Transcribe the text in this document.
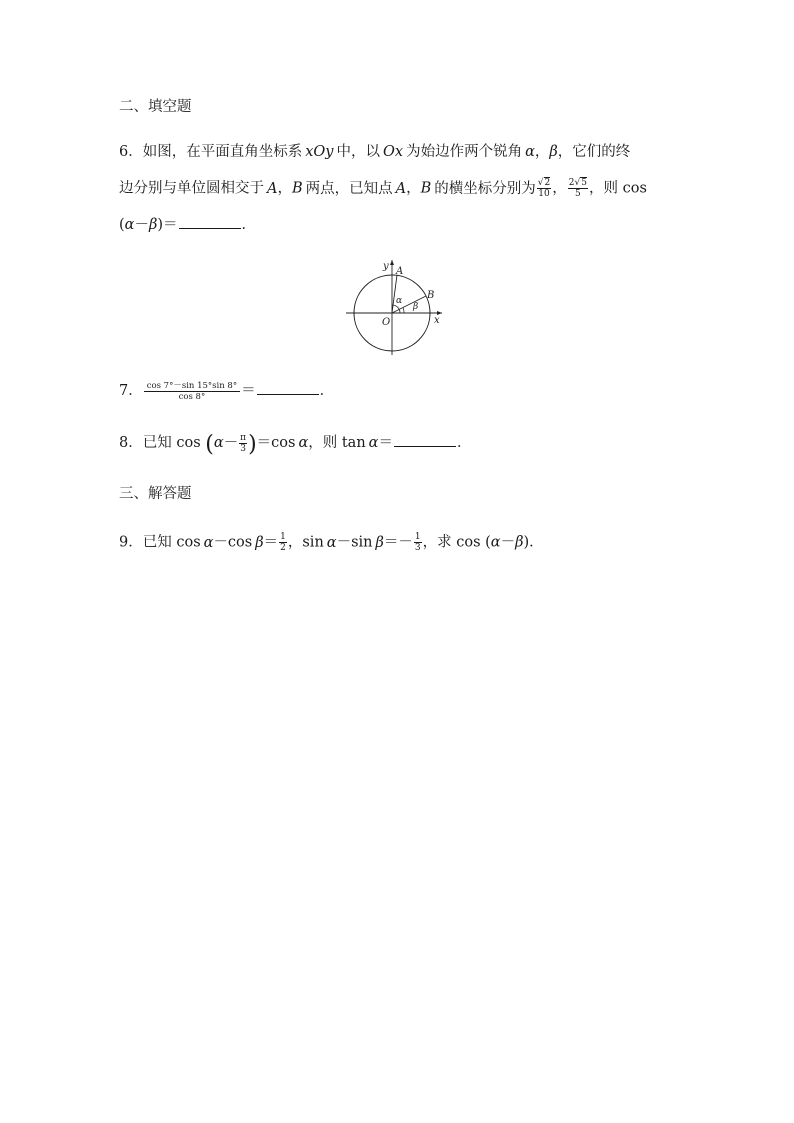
二、填空题
6．如图，在平面直角坐标系 xOy 中，以 Ox 为始边作两个锐角 α，β，它们的终
边分别与单位圆相交于 A，B 两点，已知点 A，B 的横坐标分别为 $\frac{√2}{10}$ ， $\frac{2√5}{5}$ ，则 cos
(α－β)＝	．
y
x
A
B
O
α
β
7． $\frac{\cos 7^\circ-\sin 15^\circ\sin 8^\circ}{\cos 8^\circ}$ ＝	．
8．已知 $\cos (\alpha- \frac{\pi}{3} )=\cos$ α，则 tan α＝	．
三、解答题
9．已知 cos α－cos $\beta= \frac{1}{2}$ ，sin α－sin $\beta=- \frac{1}{3}$ ，求 cos (α－β)．
